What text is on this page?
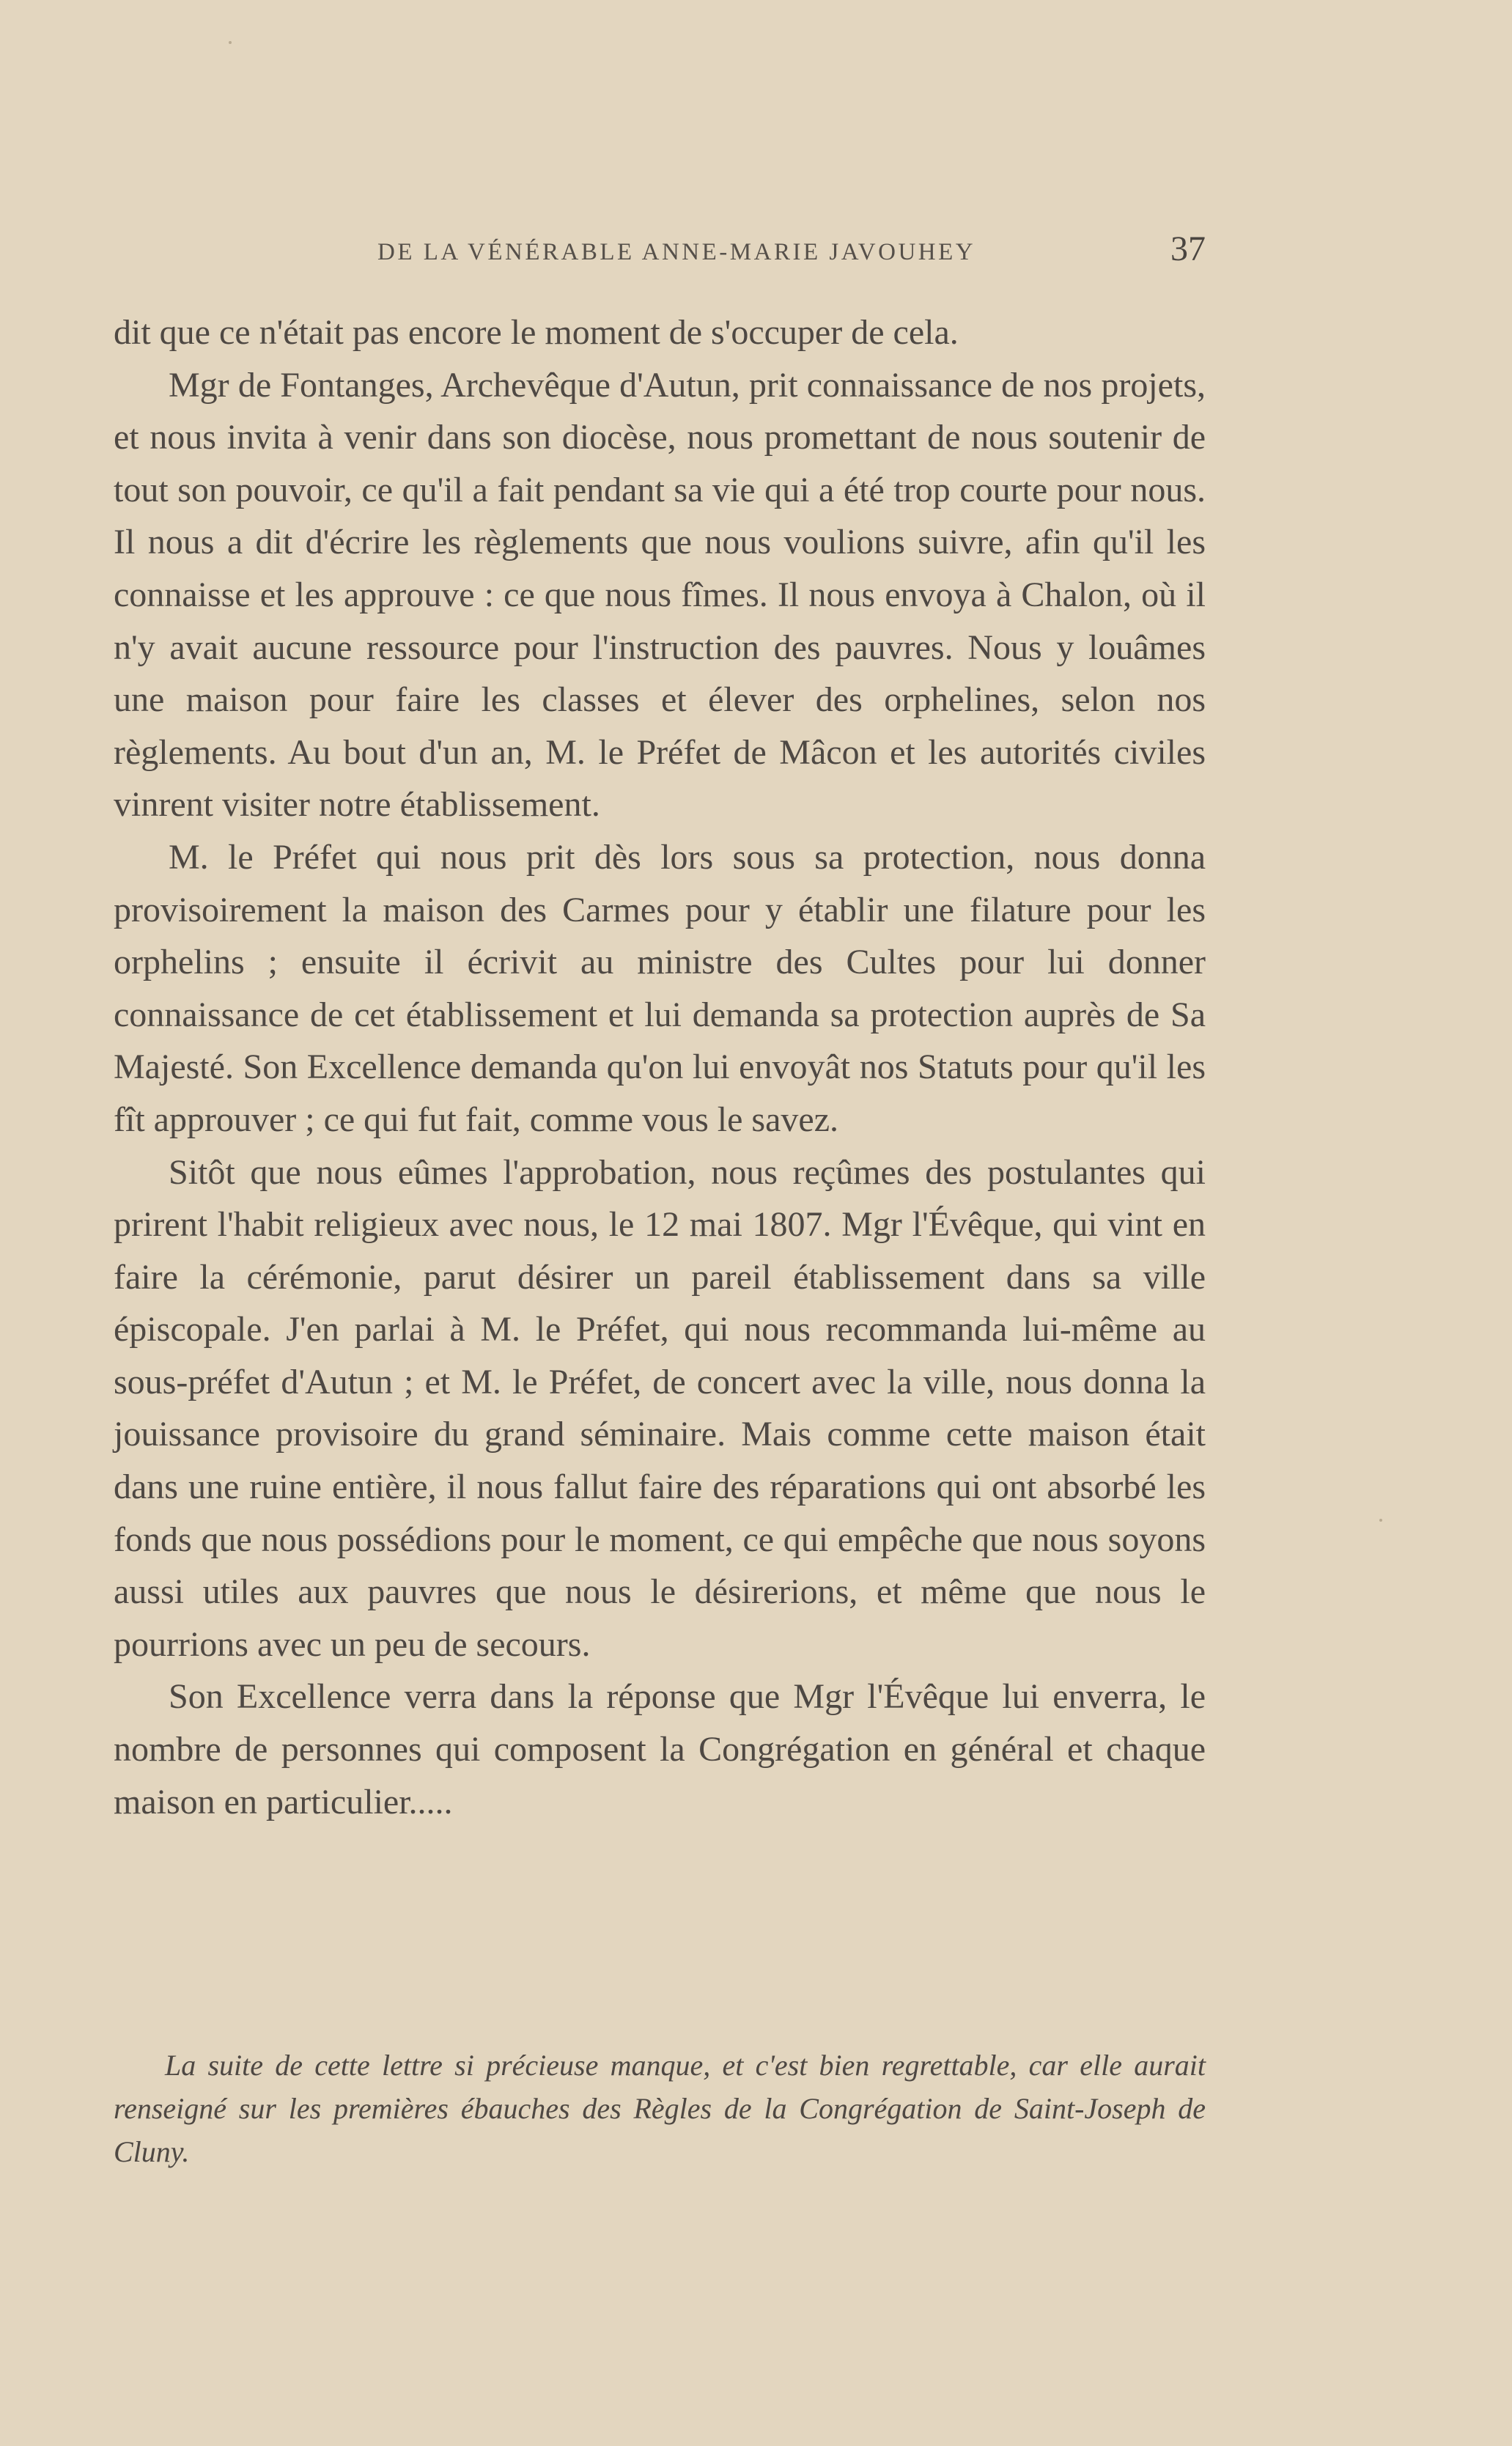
DE LA VÉNÉRABLE ANNE-MARIE JAVOUHEY	37

dit que ce n'était pas encore le moment de s'occuper de cela.

Mgr de Fontanges, Archevêque d'Autun, prit connaissance de nos projets, et nous invita à venir dans son diocèse, nous promettant de nous soutenir de tout son pouvoir, ce qu'il a fait pendant sa vie qui a été trop courte pour nous. Il nous a dit d'écrire les règlements que nous voulions suivre, afin qu'il les connaisse et les approuve : ce que nous fîmes. Il nous envoya à Chalon, où il n'y avait aucune ressource pour l'instruction des pauvres. Nous y louâmes une maison pour faire les classes et élever des orphelines, selon nos règlements. Au bout d'un an, M. le Préfet de Mâcon et les autorités civiles vinrent visiter notre établissement.

M. le Préfet qui nous prit dès lors sous sa protection, nous donna provisoirement la maison des Carmes pour y établir une filature pour les orphelins ; ensuite il écrivit au ministre des Cultes pour lui donner connaissance de cet établissement et lui demanda sa protection auprès de Sa Majesté. Son Excellence demanda qu'on lui envoyât nos Statuts pour qu'il les fît approuver ; ce qui fut fait, comme vous le savez.

Sitôt que nous eûmes l'approbation, nous reçûmes des postulantes qui prirent l'habit religieux avec nous, le 12 mai 1807. Mgr l'Évêque, qui vint en faire la cérémonie, parut désirer un pareil établissement dans sa ville épiscopale. J'en parlai à M. le Préfet, qui nous recommanda lui-même au sous-préfet d'Autun ; et M. le Préfet, de concert avec la ville, nous donna la jouissance provisoire du grand séminaire. Mais comme cette maison était dans une ruine entière, il nous fallut faire des réparations qui ont absorbé les fonds que nous possédions pour le moment, ce qui empêche que nous soyons aussi utiles aux pauvres que nous le désirerions, et même que nous le pourrions avec un peu de secours.

Son Excellence verra dans la réponse que Mgr l'Évêque lui enverra, le nombre de personnes qui composent la Congrégation en général et chaque maison en particulier.....

La suite de cette lettre si précieuse manque, et c'est bien regrettable, car elle aurait renseigné sur les premières ébauches des Règles de la Congrégation de Saint-Joseph de Cluny.
